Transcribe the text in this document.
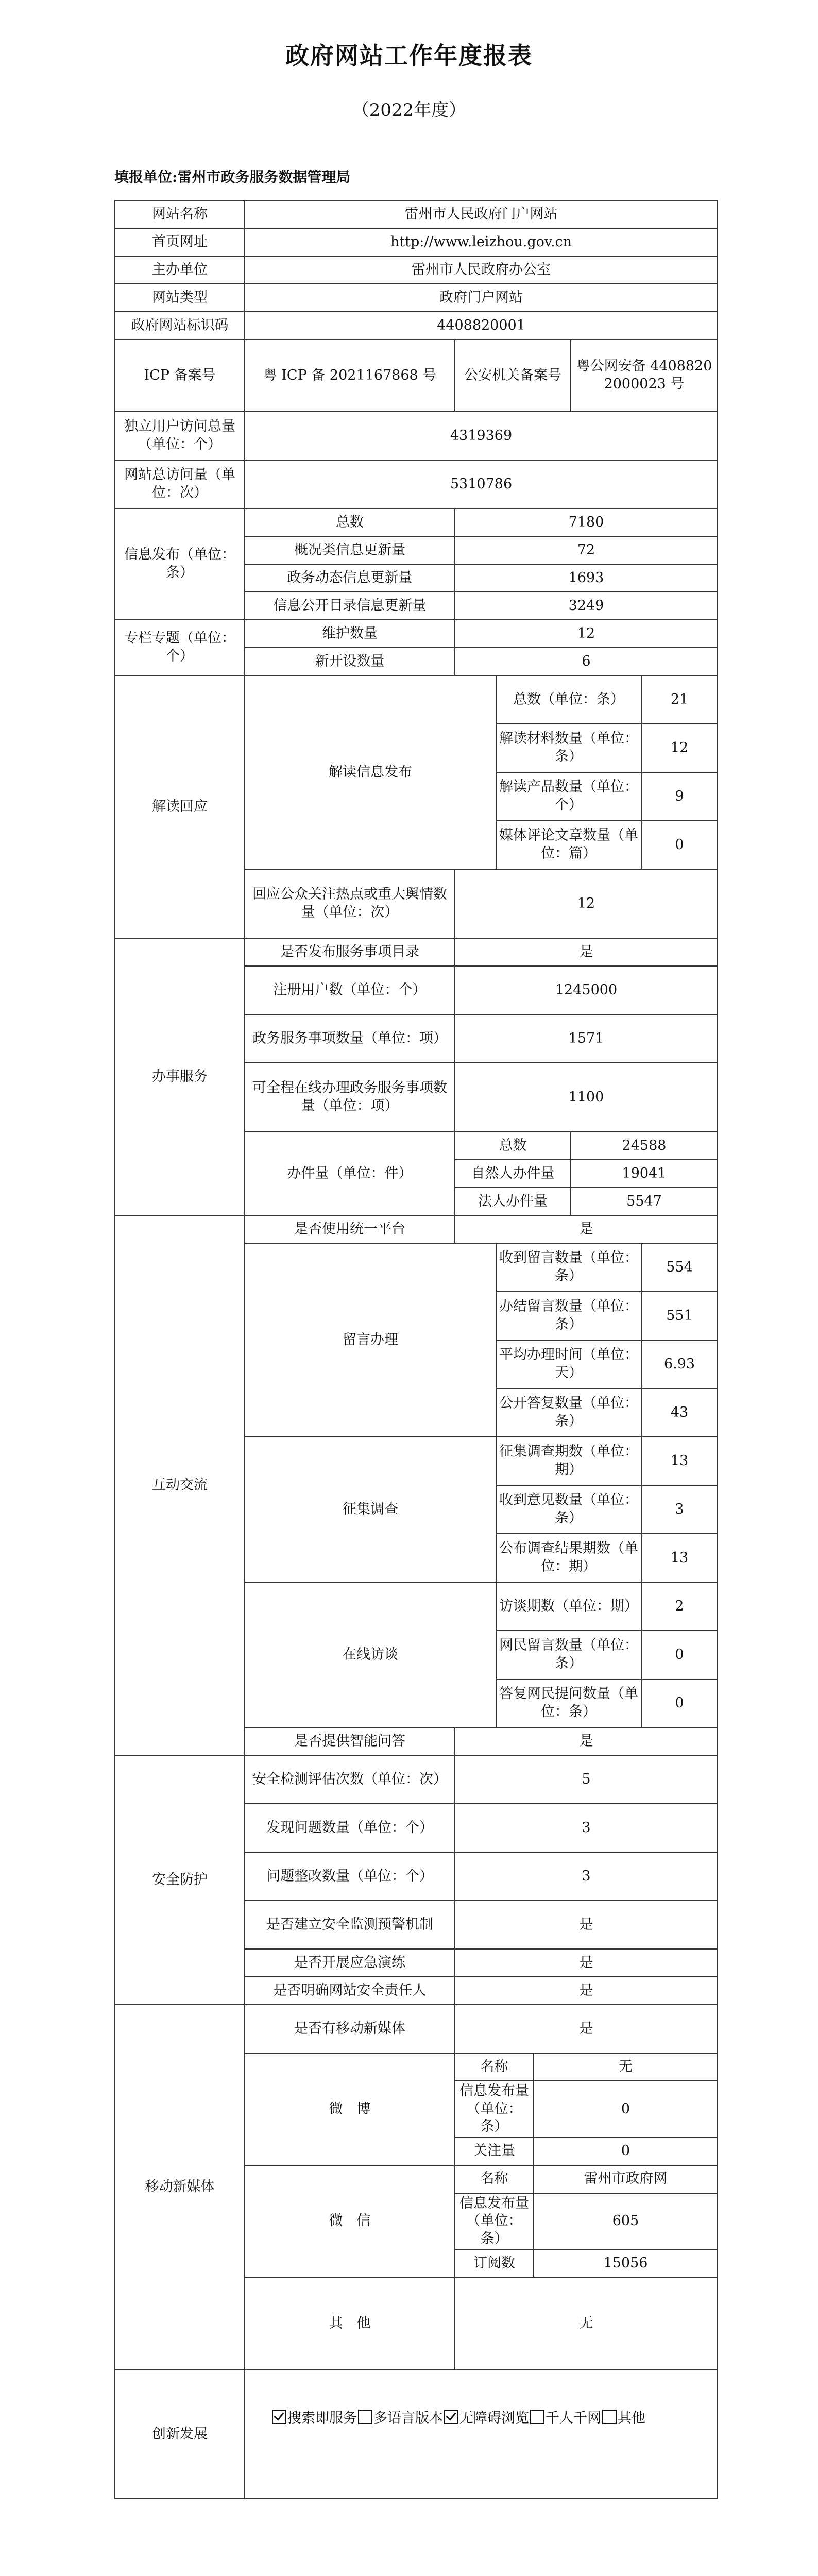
政府网站工作年度报表
（2022年度）
填报单位:雷州市政务服务数据管理局
网站名称	雷州市人民政府门户网站					
首页网址	http://www.leizhou.gov.cn					
主办单位	雷州市人民政府办公室					
网站类型	政府门户网站					
政府网站标识码	4408820001					
ICP 备案号	粤 ICP 备 2021167868 号	公安机关备案号			粤公网安备 44088202000023 号	
独立用户访问总量（单位：个）	4319369					
网站总访问量（单位：次）	5310786					
信息发布（单位：条）	总数	7180				
	概况类信息更新量	72				
	政务动态信息更新量	1693				
	信息公开目录信息更新量	3249				
专栏专题（单位：个）	维护数量	12				
	新开设数量	6				
解读回应	解读信息发布		总数（单位：条）			21
			解读材料数量（单位：条）			12
			解读产品数量（单位：个）			9
			媒体评论文章数量（单位：篇）			0
	回应公众关注热点或重大舆情数量（单位：次）	12				
办事服务	是否发布服务事项目录	是				
	注册用户数（单位：个）	1245000				
	政务服务事项数量（单位：项）	1571				
	可全程在线办理政务服务事项数量（单位：项）	1100				
	办件量（单位：件）	总数			24588	
		自然人办件量			19041	
		法人办件量			5547	
互动交流	是否使用统一平台	是				
	留言办理		收到留言数量（单位：条）			554
			办结留言数量（单位：条）			551
			平均办理时间（单位：天）			6.93
			公开答复数量（单位：条）			43
	征集调查		征集调查期数（单位：期）			13
			收到意见数量（单位：条）			3
			公布调查结果期数（单位：期）			13
	在线访谈		访谈期数（单位：期）			2
			网民留言数量（单位：条）			0
			答复网民提问数量（单位：条）			0
	是否提供智能问答	是				
安全防护	安全检测评估次数（单位：次）	5				
	发现问题数量（单位：个）	3				
	问题整改数量（单位：个）	3				
	是否建立安全监测预警机制	是				
	是否开展应急演练	是				
	是否明确网站安全责任人	是				
移动新媒体	是否有移动新媒体	是				
	微　博	名称		无		
		信息发布量（单位：条）		0		
		关注量		0		
	微　信	名称		雷州市政府网		
		信息发布量（单位：条）		605		
		订阅数		15056		
	其　他	无				
创新发展	搜索即服务 多语言版本 无障碍浏览 千人千网 其他					
